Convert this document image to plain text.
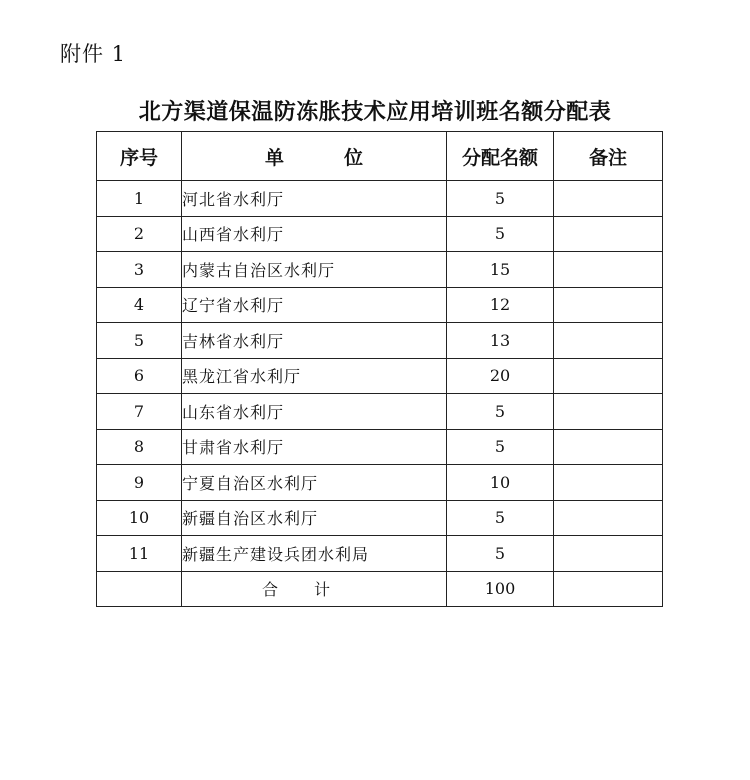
附件 1
北方渠道保温防冻胀技术应用培训班名额分配表
序号	单位	分配名额	备注
1	河北省水利厅	5	
2	山西省水利厅	5	
3	内蒙古自治区水利厅	15	
4	辽宁省水利厅	12	
5	吉林省水利厅	13	
6	黑龙江省水利厅	20	
7	山东省水利厅	5	
8	甘肃省水利厅	5	
9	宁夏自治区水利厅	10	
10	新疆自治区水利厅	5	
11	新疆生产建设兵团水利局	5	
	合计	100	
